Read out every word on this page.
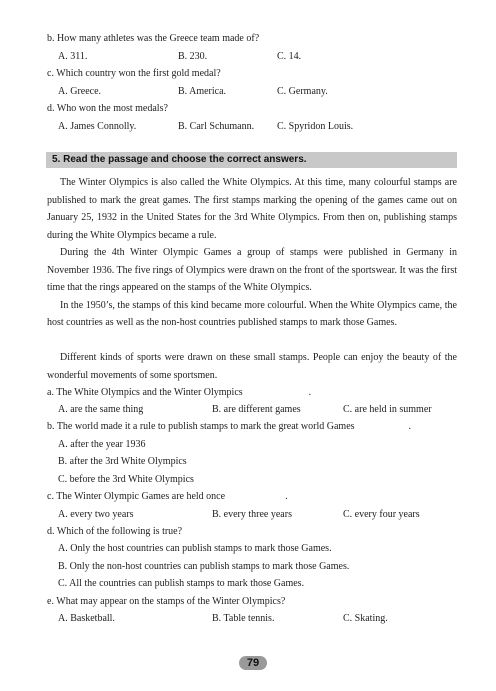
b. How many athletes was the Greece team made of?
A. 311.	B. 230.	C. 14.
c. Which country won the first gold medal?
A. Greece.	B. America.	C. Germany.
d. Who won the most medals?
A. James Connolly.	B. Carl Schumann. C. Spyridon Louis.
5. Read the passage and choose the correct answers.

The Winter Olympics is also called the White Olympics. At this time, many colourful stamps are published to mark the great games. The first stamps marking the opening of the games came out on January 25, 1932 in the United States for the 3rd White Olympics. From then on, publishing stamps during the White Olympics became a rule.

During the 4th Winter Olympic Games a group of stamps were published in Germany in November 1936. The five rings of Olympics were drawn on the front of the sportswear. It was the first time that the rings appeared on the stamps of the White Olympics.

In the 1950’s, the stamps of this kind became more colourful. When the White Olympics came, the host countries as well as the non-host countries published stamps to mark those Games.

Different kinds of sports were drawn on these small stamps. People can enjoy the beauty of the wonderful movements of some sportsmen.

a. The White Olympics and the Winter Olympics	.
A. are the same thing	B. are different games	C. are held in summer
b. The world made it a rule to publish stamps to mark the great world Games	.
A. after the year 1936
B. after the 3rd White Olympics
C. before the 3rd White Olympics
c. The Winter Olympic Games are held once	.
A. every two years	B. every three years	C. every four years
d. Which of the following is true?
A. Only the host countries can publish stamps to mark those Games.
B. Only the non-host countries can publish stamps to mark those Games.
C. All the countries can publish stamps to mark those Games.
e. What may appear on the stamps of the Winter Olympics?
A. Basketball.	B. Table tennis.	C. Skating.
79
